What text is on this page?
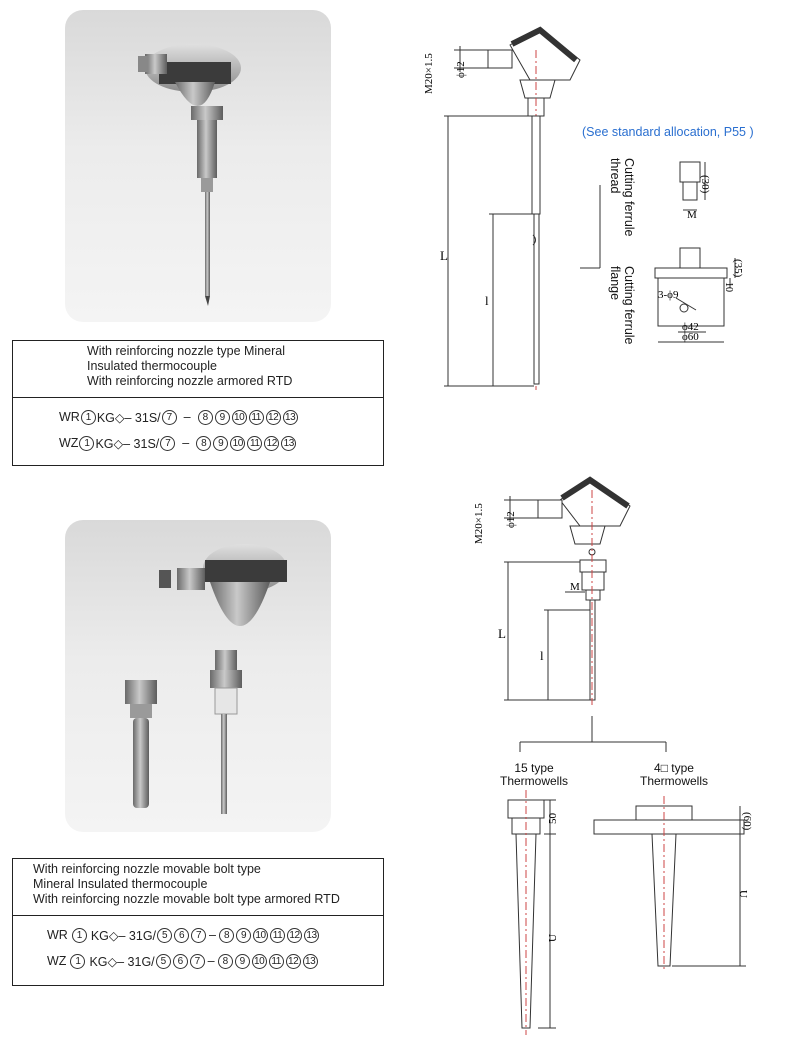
With reinforcing nozzle type Mineral
Insulated thermocouple
With reinforcing nozzle armored RTD
WR 1 KG◇– 31S/ 7 –	8	9 10 11 12 13
WZ 1 KG◇– 31S/ 7 –	8	9 10 11 12 13
L
l
M20×1.5 ϕ12
(30)
M
(35)
10
3-ϕ9
ϕ42
ϕ60
(See standard allocation, P55 )
Cutting ferrule thread
Cutting ferrule flange
With reinforcing nozzle movable bolt type
Mineral Insulated thermocouple
With reinforcing nozzle movable bolt type armored RTD
WR 1 KG◇– 31G/ 5	6	7 – 8	9 10 11 12 13
WZ 1 KG◇– 31G/ 5	6	7 – 8	9 10 11 12 13
L
l
M
M20×1.5 ϕ12
50	(60)
U
U
15 type
Thermowells
4□ type
Thermowells
